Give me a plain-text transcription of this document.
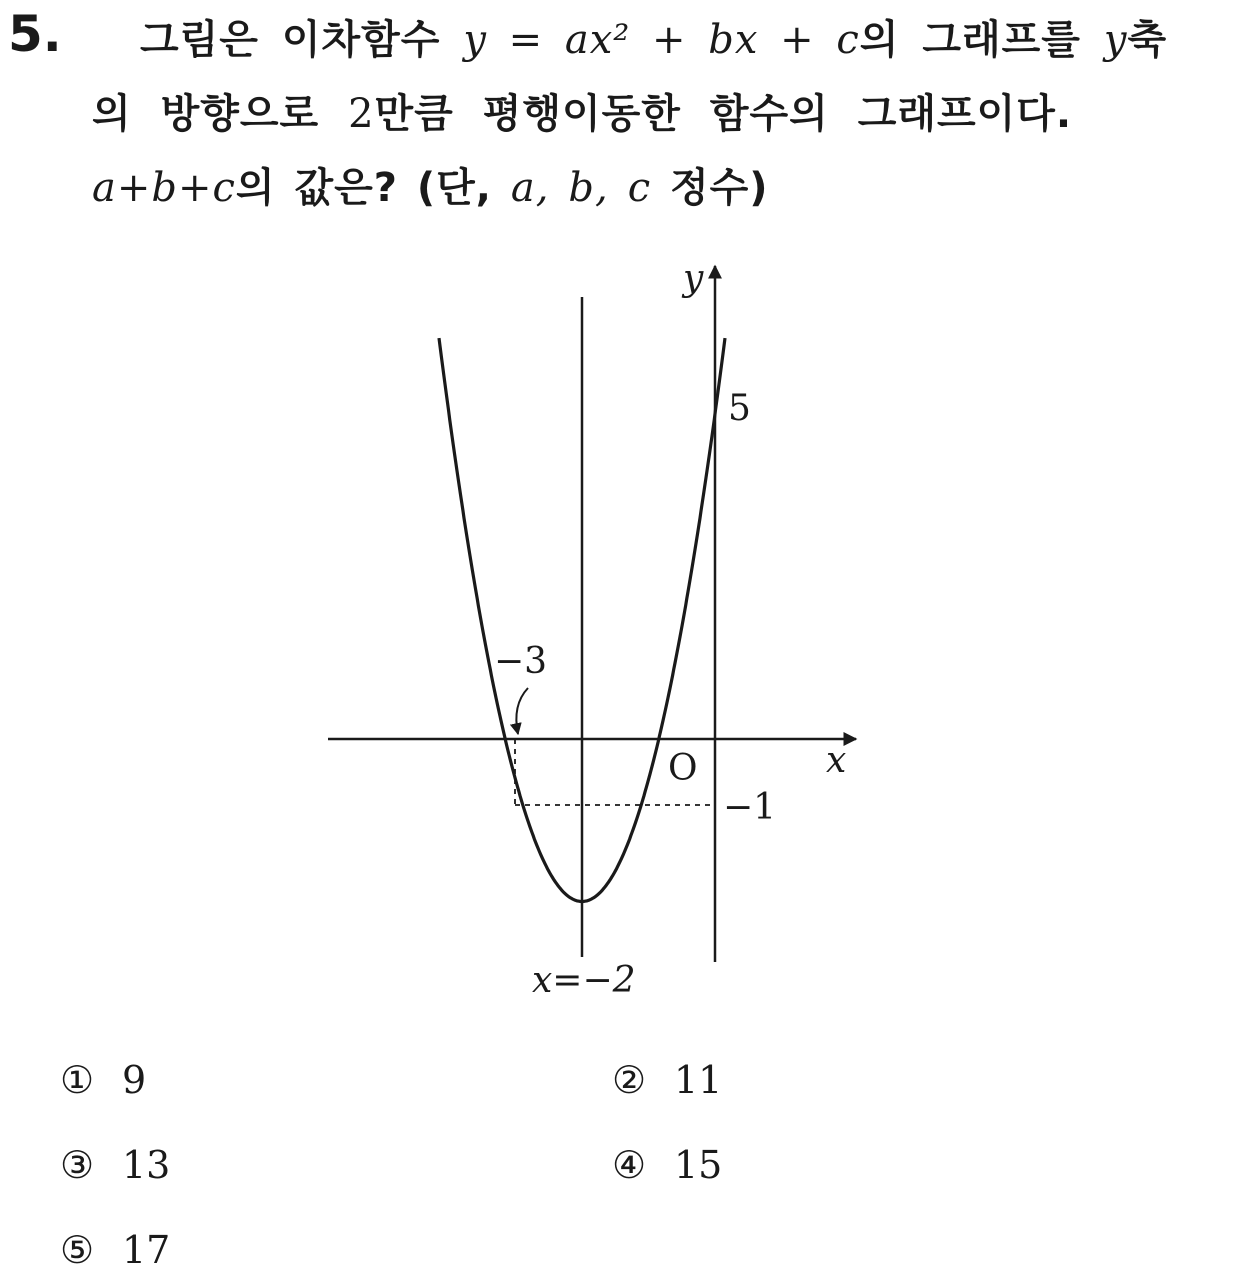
5. 그림은 이차함수 y = ax² + bx + c의 그래프를 y축
의 방향으로 2만큼 평행이동한 함수의 그래프이다.
a+b+c의 값은? (단, a, b, c 정수)
x
y
O
5
−3
−1
x=−2
① 9	② 11
③ 13	④ 15
⑤ 17
